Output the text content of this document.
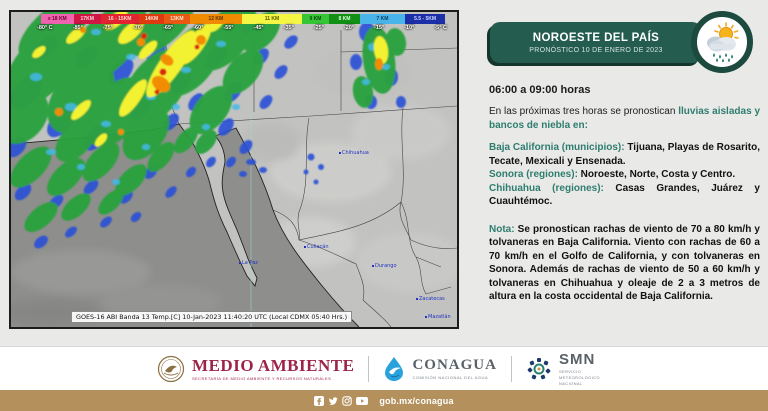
≥ 18 KM	17KM	16 - 15KM	14KM	13KM	12 KM	11 KM	9 KM	8 KM	7 KM	5.5 - 5KM
-80° C	-85°	-75°	-70°	-65°	-60°	-55°	-45°	-35°	-25°	-20°	-15°	-10°	-5° C
Chihuahua
Culiacán
La Paz	Durango
Zacatecas
Mazatlán
GOES-16 ABI Banda 13 Temp.[C] 10-Jan-2023 11:40:20 UTC (Local CDMX 05:40 Hrs.)
NOROESTE DEL PAÍS
PRONÓSTICO 10 DE ENERO DE 2023
06:00 a 09:00 horas
En las próximas tres horas se pronostican lluvias aisladas y bancos de niebla en:
Baja California (municipios): Tijuana, Playas de Rosarito, Tecate, Mexicali y Ensenada.
Sonora (regiones): Noroeste, Norte, Costa y Centro.
Chihuahua (regiones): Casas Grandes, Juárez y Cuauhtémoc.
Nota: Se pronostican rachas de viento de 70 a 80 km/h y tolvaneras en Baja California. Viento con rachas de 60 a 70 km/h en el Golfo de California, y con tolvaneras en Sonora. Además de rachas de viento de 50 a 60 km/h y tolvaneras en Chihuahua y oleaje de 2 a 3 metros de altura en la costa occidental de Baja California.
MEDIO AMBIENTE
SECRETARÍA DE MEDIO AMBIENTE Y RECURSOS NATURALES
CONAGUA
COMISIÓN NACIONAL DEL AGUA
SMN
SERVICIO METEOROLÓGICO NACIONAL
gob.mx/conagua
